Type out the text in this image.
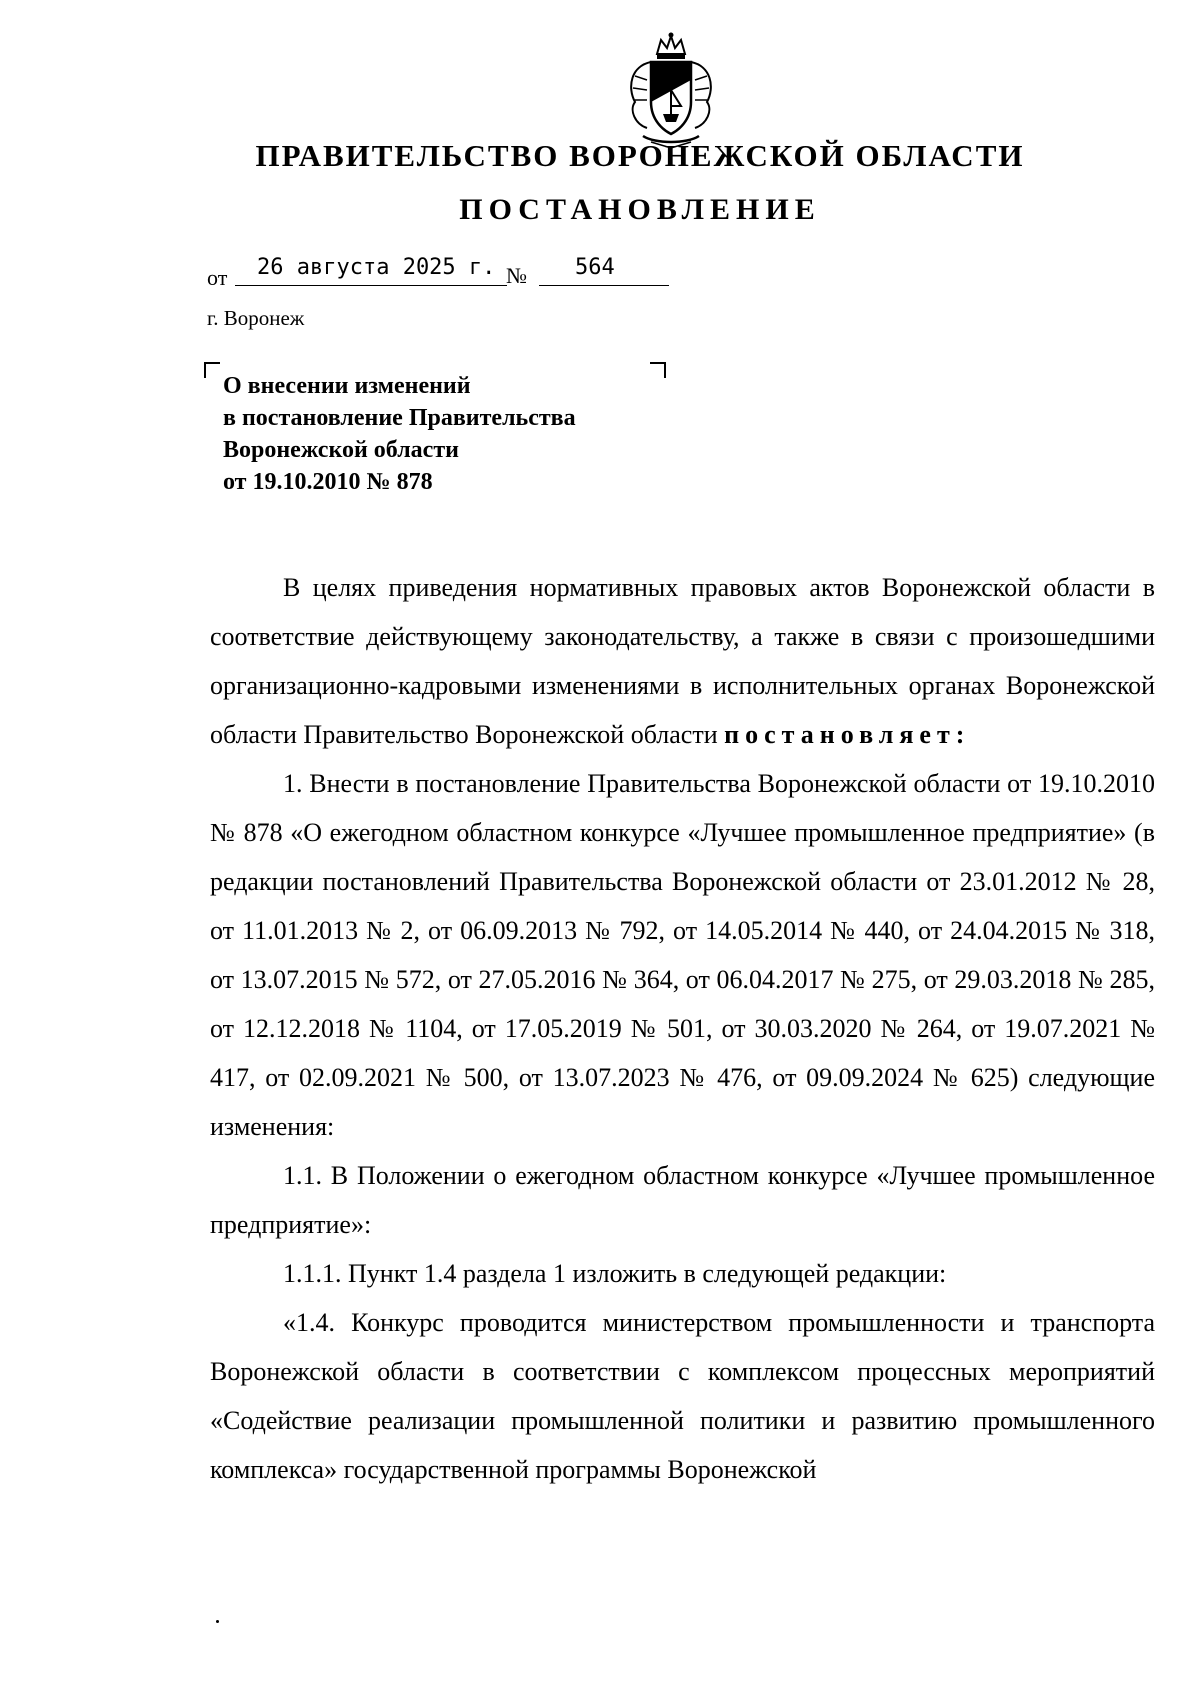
ПРАВИТЕЛЬСТВО ВОРОНЕЖСКОЙ ОБЛАСТИ
ПОСТАНОВЛЕНИЕ
от 26 августа 2025 г. № 564
г. Воронеж
О внесении изменений
в постановление Правительства
Воронежской области
от 19.10.2010 № 878

В целях приведения нормативных правовых актов Воронежской области в соответствие действующему законодательству, а также в связи с произошедшими организационно-кадровыми изменениями в исполнительных органах Воронежской области Правительство Воронежской области постановляет:

1. Внести в постановление Правительства Воронежской области от 19.10.2010 № 878 «О ежегодном областном конкурсе «Лучшее промышленное предприятие» (в редакции постановлений Правительства Воронежской области от 23.01.2012 № 28, от 11.01.2013 № 2, от 06.09.2013 № 792, от 14.05.2014 № 440, от 24.04.2015 № 318, от 13.07.2015 № 572, от 27.05.2016 № 364, от 06.04.2017 № 275, от 29.03.2018 № 285, от 12.12.2018 № 1104, от 17.05.2019 № 501, от 30.03.2020 № 264, от 19.07.2021 № 417, от 02.09.2021 № 500, от 13.07.2023 № 476, от 09.09.2024 № 625) следующие изменения:

1.1. В Положении о ежегодном областном конкурсе «Лучшее промышленное предприятие»:

1.1.1. Пункт 1.4 раздела 1 изложить в следующей редакции:

«1.4. Конкурс проводится министерством промышленности и транспорта Воронежской области в соответствии с комплексом процессных мероприятий «Содействие реализации промышленной политики и развитию промышленного комплекса» государственной программы Воронежской
